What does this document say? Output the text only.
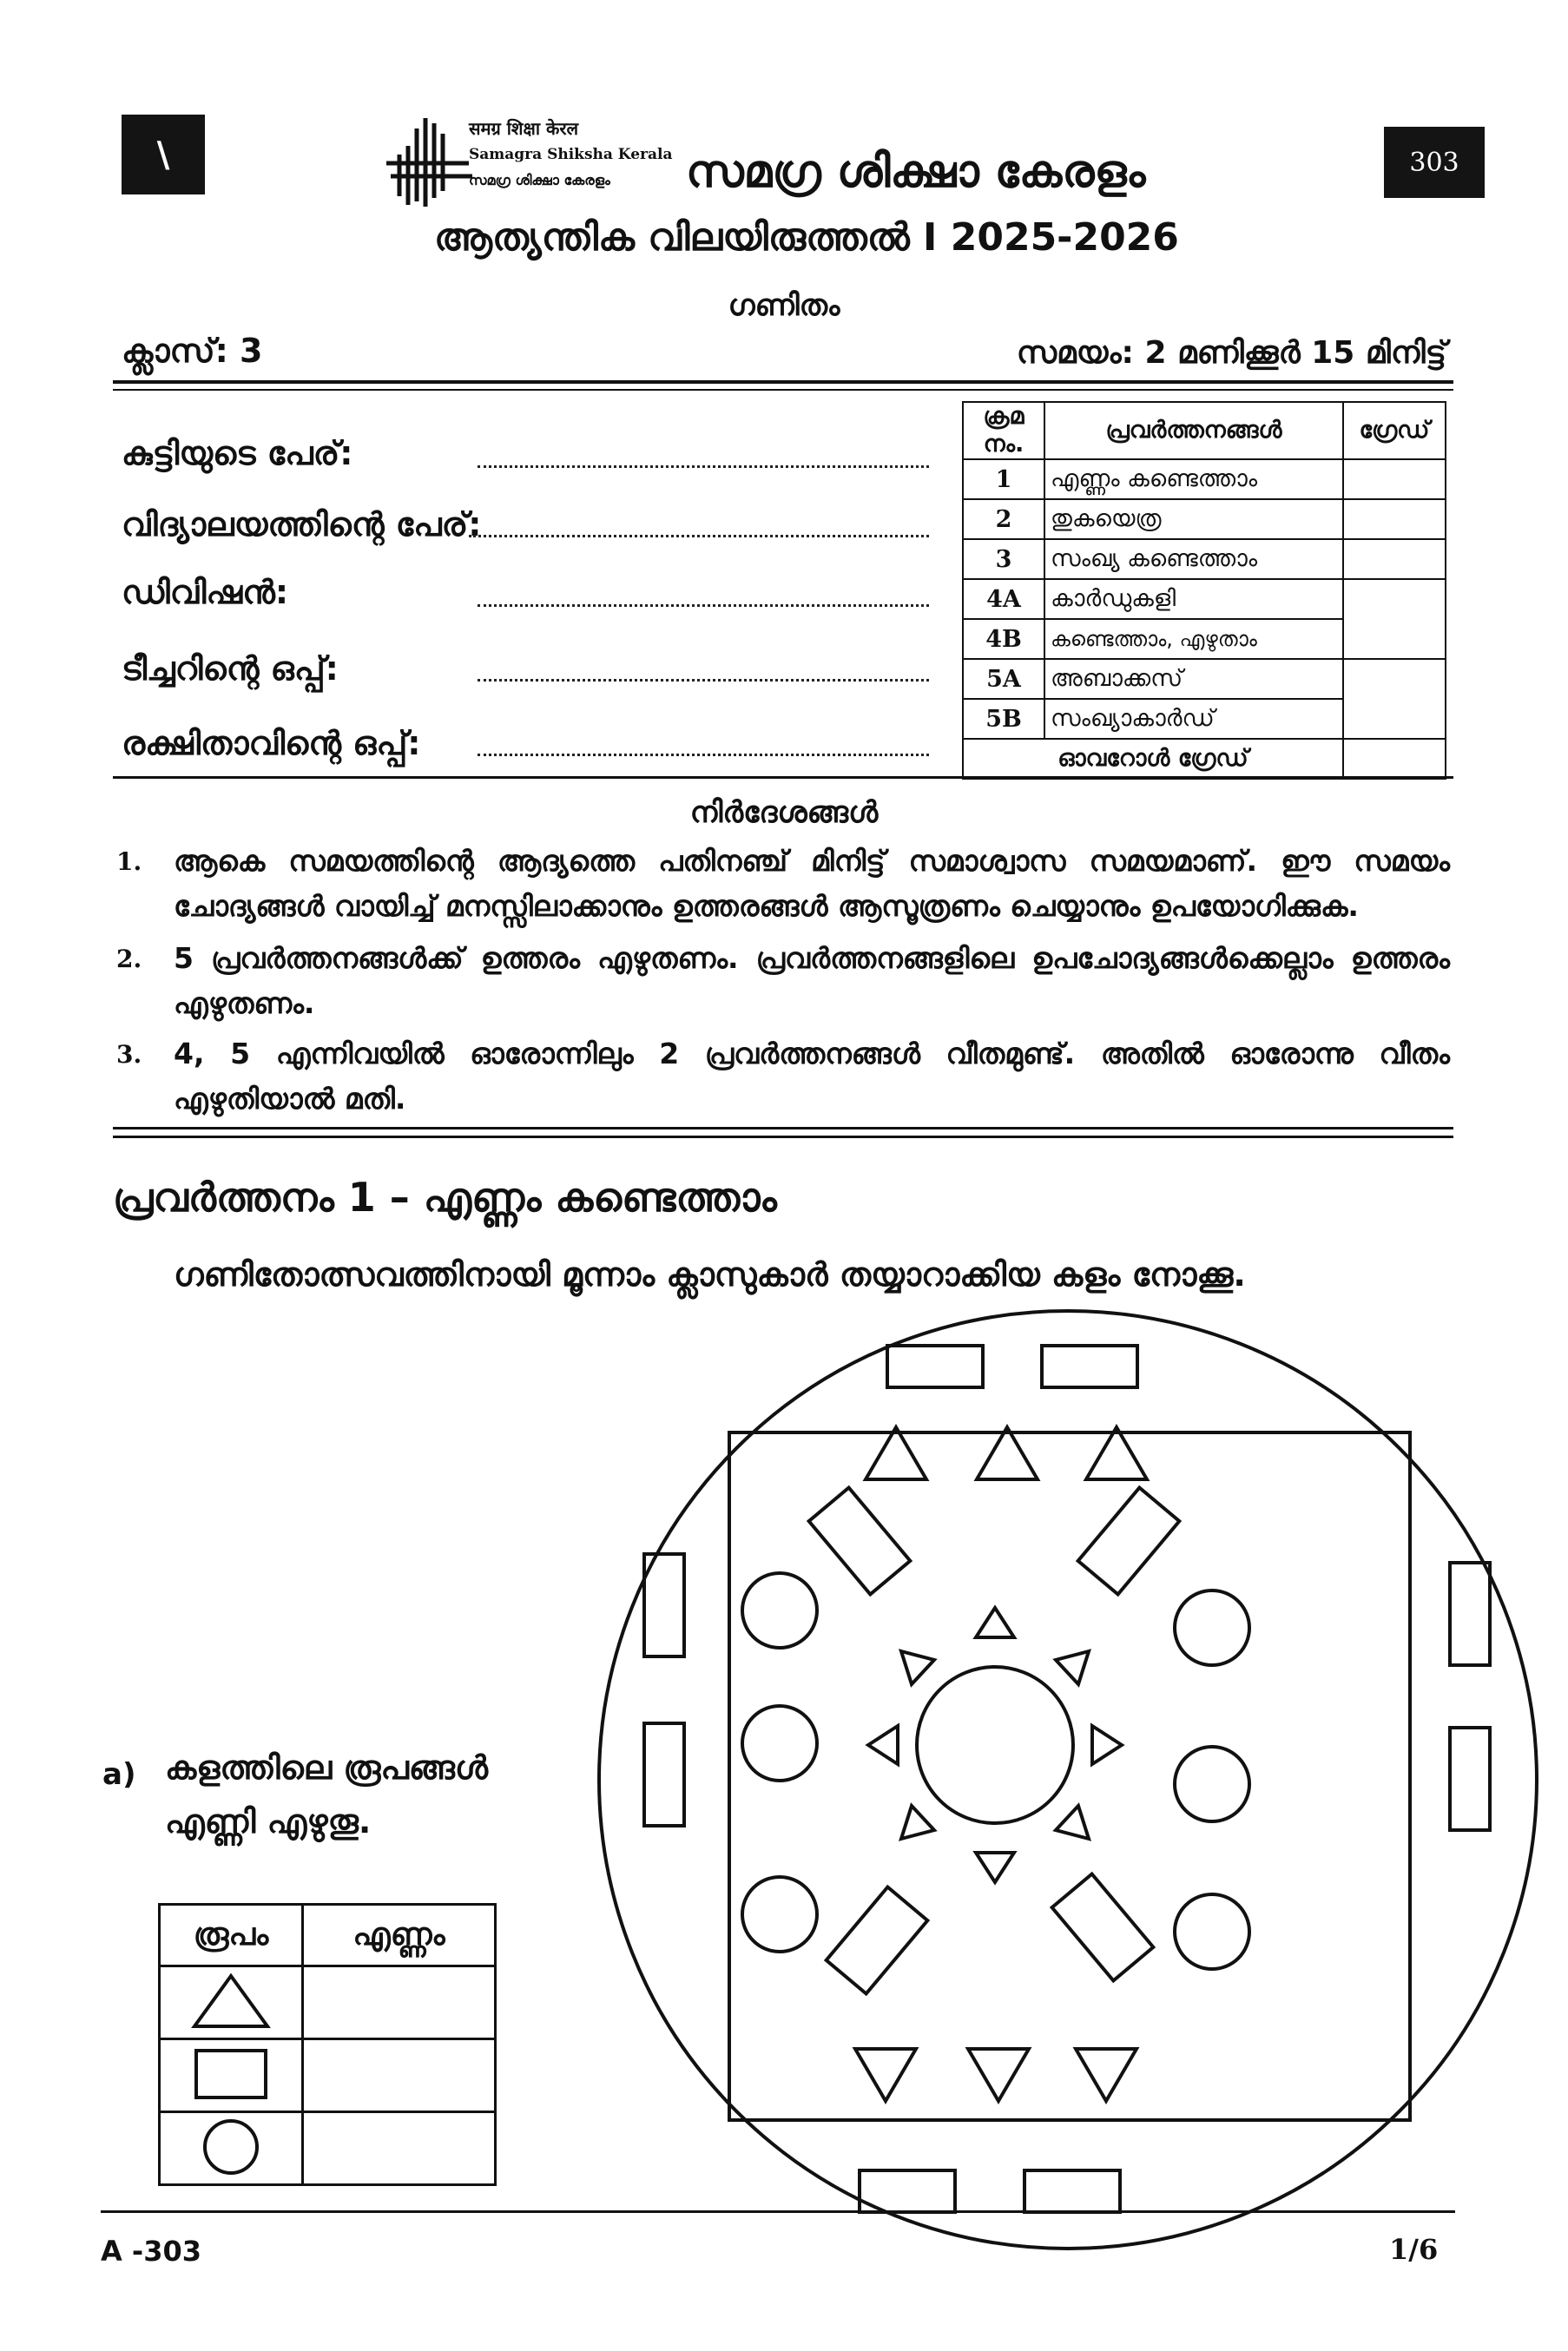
\	303
समग्र शिक्षा केरल
Samagra Shiksha Kerala
സമഗ്ര ശിക്ഷാ കേരളം സമഗ്ര ശിക്ഷാ കേരളം
ആത്യന്തിക വിലയിരുത്തൽ I 2025-2026
ഗണിതം
ക്ലാസ്: 3	സമയം: 2 മണിക്കൂർ 15 മിനിട്ട്
കുട്ടിയുടെ പേര്:
വിദ്യാലയത്തിന്റെ പേര്:
ഡിവിഷൻ:
ടീച്ചറിന്റെ ഒപ്പ്:
രക്ഷിതാവിന്റെ ഒപ്പ്:
ക്രമ നം.	പ്രവർത്തനങ്ങൾ	ഗ്രേഡ്
1	എണ്ണം കണ്ടെത്താം	
2	തുകയെത്ര	
3	സംഖ്യ കണ്ടെത്താം	
4A	കാർഡുകളി	
4B	കണ്ടെത്താം, എഴുതാം	
5A	അബാക്കസ്	
5B	സംഖ്യാകാർഡ്	
ഓവറോൾ ഗ്രേഡ്		
നിർദേശങ്ങൾ
1. ആകെ സമയത്തിന്റെ ആദ്യത്തെ പതിനഞ്ച് മിനിട്ട് സമാശ്വാസ സമയമാണ്. ഈ സമയം ചോദ്യങ്ങൾ വായിച്ച് മനസ്സിലാക്കാനും ഉത്തരങ്ങൾ ആസൂത്രണം ചെയ്യാനും ഉപയോഗിക്കുക.
2. 5 പ്രവർത്തനങ്ങൾക്ക് ഉത്തരം എഴുതണം. പ്രവർത്തനങ്ങളിലെ ഉപചോദ്യങ്ങൾക്കെല്ലാം ഉത്തരം എഴുതണം.
3. 4, 5 എന്നിവയിൽ ഓരോന്നിലും 2 പ്രവർത്തനങ്ങൾ വീതമുണ്ട്. അതിൽ ഓരോന്നു വീതം എഴുതിയാൽ മതി.
പ്രവർത്തനം 1 – എണ്ണം കണ്ടെത്താം
ഗണിതോത്സവത്തിനായി മൂന്നാം ക്ലാസുകാർ തയ്യാറാക്കിയ കളം നോക്കൂ.
a) കളത്തിലെ രൂപങ്ങൾ
എണ്ണി എഴുതൂ.
രൂപം	എണ്ണം

A -303	1/6
